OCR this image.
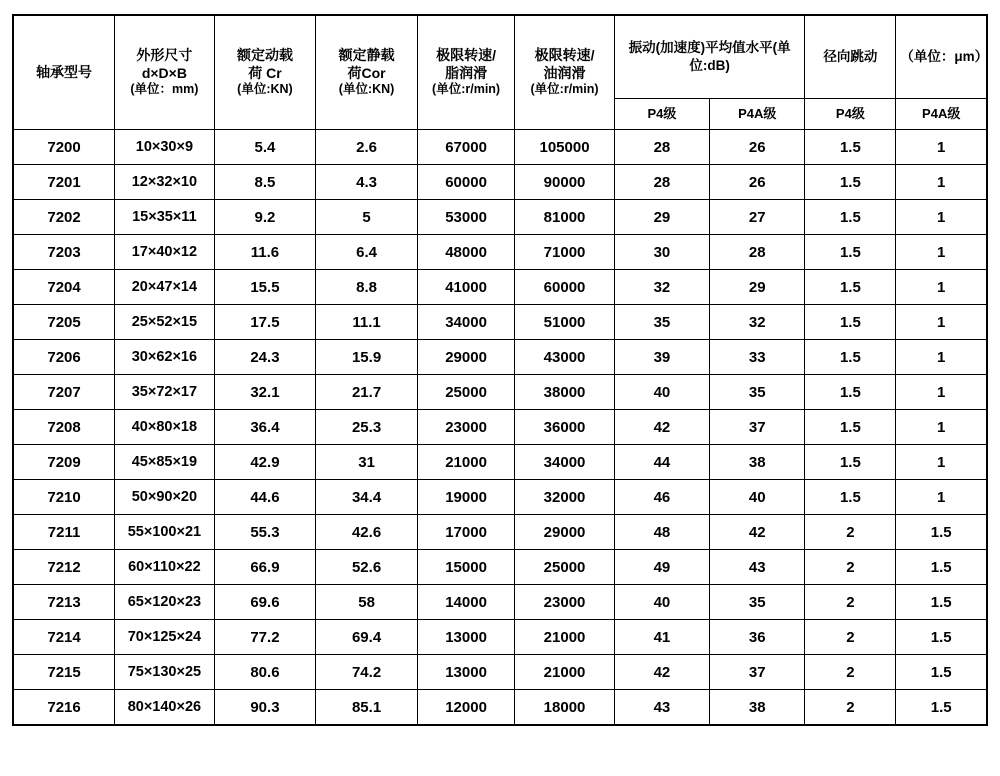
轴承型号	外形尺寸
d×D×B
(单位：mm)	额定动载
荷 Cr
(单位:KN)	额定静载
荷Cor
(单位:KN)	极限转速/
脂润滑
(单位:r/min)	极限转速/
油润滑
(单位:r/min)	振动(加速度)平均值水平(单
位:dB)		径向跳动	（单位：μm）

						P4级	P4A级	P4级	P4A级
7200	10×30×9	5.4	2.6	67000	105000	28	26	1.5	1
7201	12×32×10	8.5	4.3	60000	90000	28	26	1.5	1
7202	15×35×11	9.2	5	53000	81000	29	27	1.5	1
7203	17×40×12	11.6	6.4	48000	71000	30	28	1.5	1
7204	20×47×14	15.5	8.8	41000	60000	32	29	1.5	1
7205	25×52×15	17.5	11.1	34000	51000	35	32	1.5	1
7206	30×62×16	24.3	15.9	29000	43000	39	33	1.5	1
7207	35×72×17	32.1	21.7	25000	38000	40	35	1.5	1
7208	40×80×18	36.4	25.3	23000	36000	42	37	1.5	1
7209	45×85×19	42.9	31	21000	34000	44	38	1.5	1
7210	50×90×20	44.6	34.4	19000	32000	46	40	1.5	1
7211	55×100×21	55.3	42.6	17000	29000	48	42	2	1.5
7212	60×110×22	66.9	52.6	15000	25000	49	43	2	1.5
7213	65×120×23	69.6	58	14000	23000	40	35	2	1.5
7214	70×125×24	77.2	69.4	13000	21000	41	36	2	1.5
7215	75×130×25	80.6	74.2	13000	21000	42	37	2	1.5
7216	80×140×26	90.3	85.1	12000	18000	43	38	2	1.5
